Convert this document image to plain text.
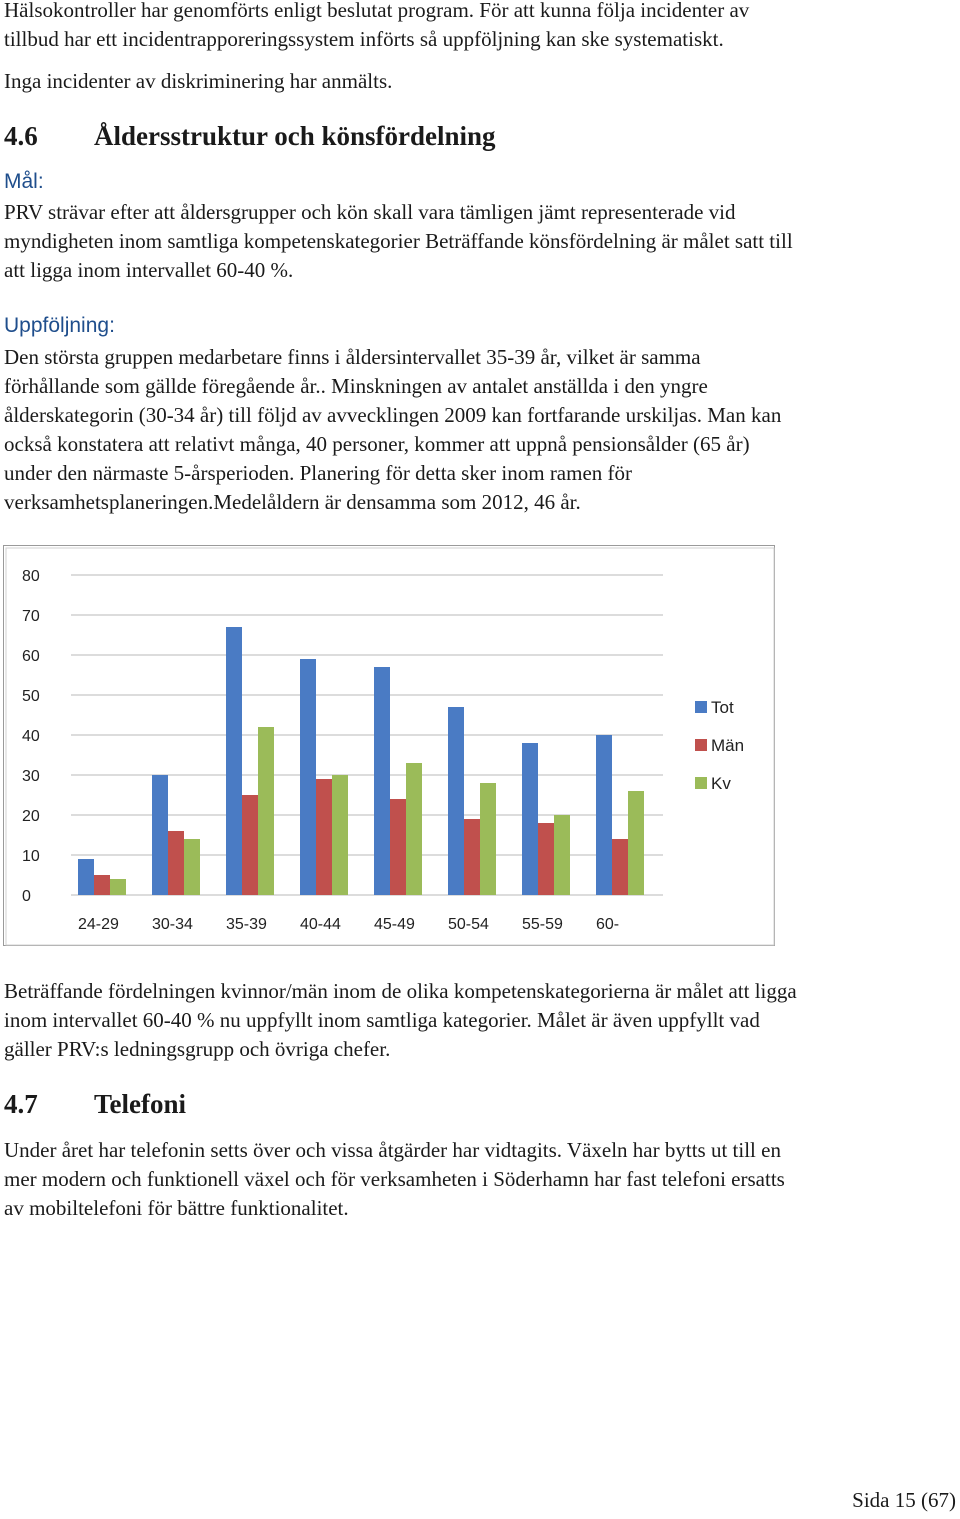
Hälsokontroller har genomförts enligt beslutat program. För att kunna följa incidenter av
tillbud har ett incidentrapporeringssystem införts så uppföljning kan ske systematiskt.

Inga incidenter av diskriminering har anmälts.

4.6 Åldersstruktur och könsfördelning

Mål:

PRV strävar efter att åldersgrupper och kön skall vara tämligen jämt representerade vid
myndigheten inom samtliga kompetenskategorier Beträffande könsfördelning är målet satt till
att ligga inom intervallet 60-40 %.

Uppföljning:

Den största gruppen medarbetare finns i åldersintervallet 35-39 år, vilket är samma
förhållande som gällde föregående år.. Minskningen av antalet anställda i den yngre
ålderskategorin (30-34 år) till följd av avvecklingen 2009 kan fortfarande urskiljas. Man kan
också konstatera att relativt många, 40 personer, kommer att uppnå pensionsålder (65 år)
under den närmaste 5-årsperioden. Planering för detta sker inom ramen för
verksamhetsplaneringen.Medelåldern är densamma som 2012, 46 år.

0
10
20
30
40
50
60
70
80
24-29 30-34 35-39 40-44 45-49 50-54 55-59 60-
Tot
Män
Kv

Beträffande fördelningen kvinnor/män inom de olika kompetenskategorierna är målet att ligga
inom intervallet 60-40 % nu uppfyllt inom samtliga kategorier. Målet är även uppfyllt vad
gäller PRV:s ledningsgrupp och övriga chefer.

4.7 Telefoni

Under året har telefonin setts över och vissa åtgärder har vidtagits. Växeln har bytts ut till en
mer modern och funktionell växel och för verksamheten i Söderhamn har fast telefoni ersatts
av mobiltelefoni för bättre funktionalitet.

Sida 15 (67)
